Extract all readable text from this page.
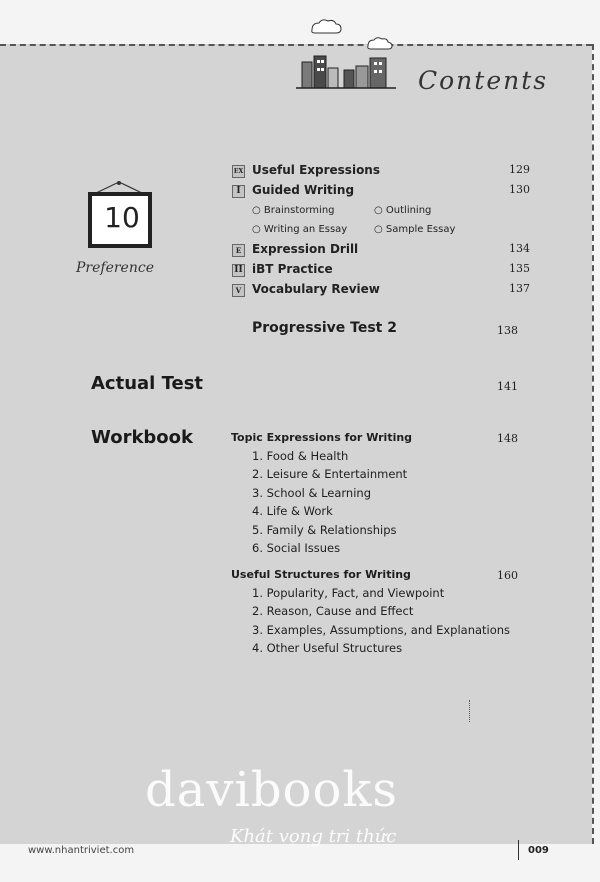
Contents
10
Preference
EX Useful Expressions	129
I Guided Writing	130
○ Brainstorming	○ Outlining
○ Writing an Essay	○ Sample Essay
E Expression Drill	134
II iBT Practice	135
V Vocabulary Review	137
Progressive Test 2	138
Actual Test	141
Workbook	Topic Expressions for Writing	148
1. Food & Health
2. Leisure & Entertainment
3. School & Learning
4. Life & Work
5. Family & Relationships
6. Social Issues
Useful Structures for Writing	160
1. Popularity, Fact, and Viewpoint
2. Reason, Cause and Effect
3. Examples, Assumptions, and Explanations
4. Other Useful Structures
davibooks
Khát vọng tri thức
www.nhantriviet.com	009
